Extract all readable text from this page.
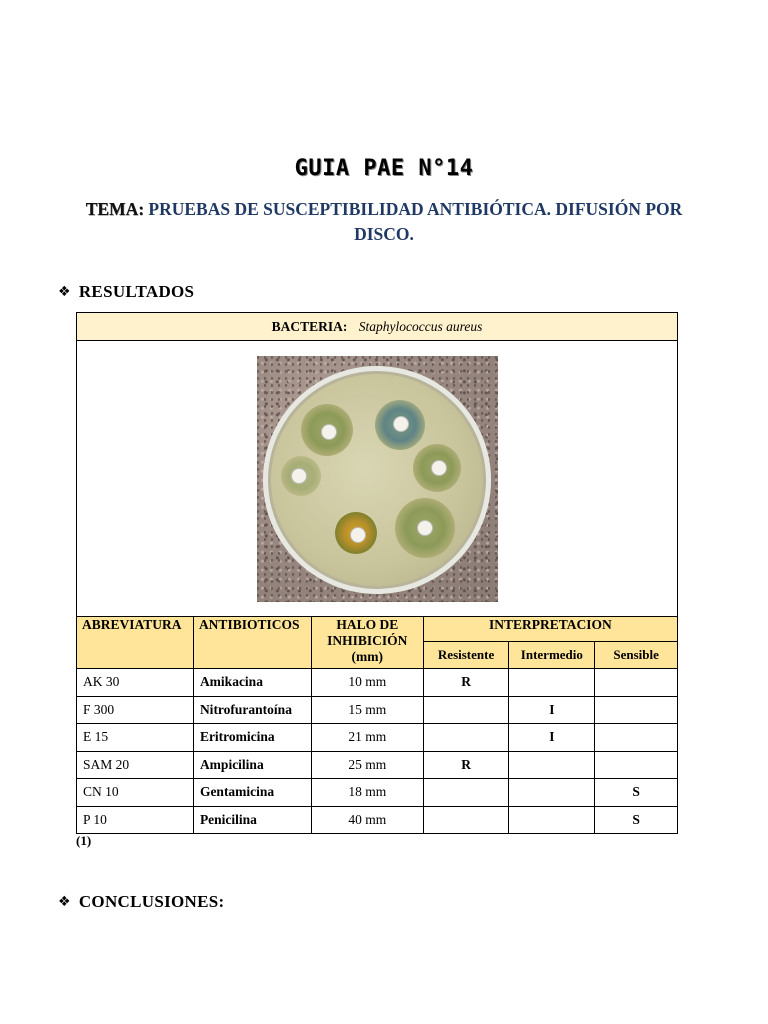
GUIA PAE N°14
TEMA: PRUEBAS DE SUSCEPTIBILIDAD ANTIBIÓTICA. DIFUSIÓN POR DISCO.
❖ RESULTADOS
BACTERIA: Staphylococcus aureus					

ABREVIATURA	ANTIBIOTICOS	HALO DE INHIBICIÓN (mm)	INTERPRETACION		
			Resistente	Intermedio	Sensible
AK 30	Amikacina	10 mm	R		
F 300	Nitrofurantoína	15 mm		I	
E 15	Eritromicina	21 mm		I	
SAM 20	Ampicilina	25 mm	R		
CN 10	Gentamicina	18 mm			S
P 10	Penicilina	40 mm			S
(1)
❖ CONCLUSIONES:
